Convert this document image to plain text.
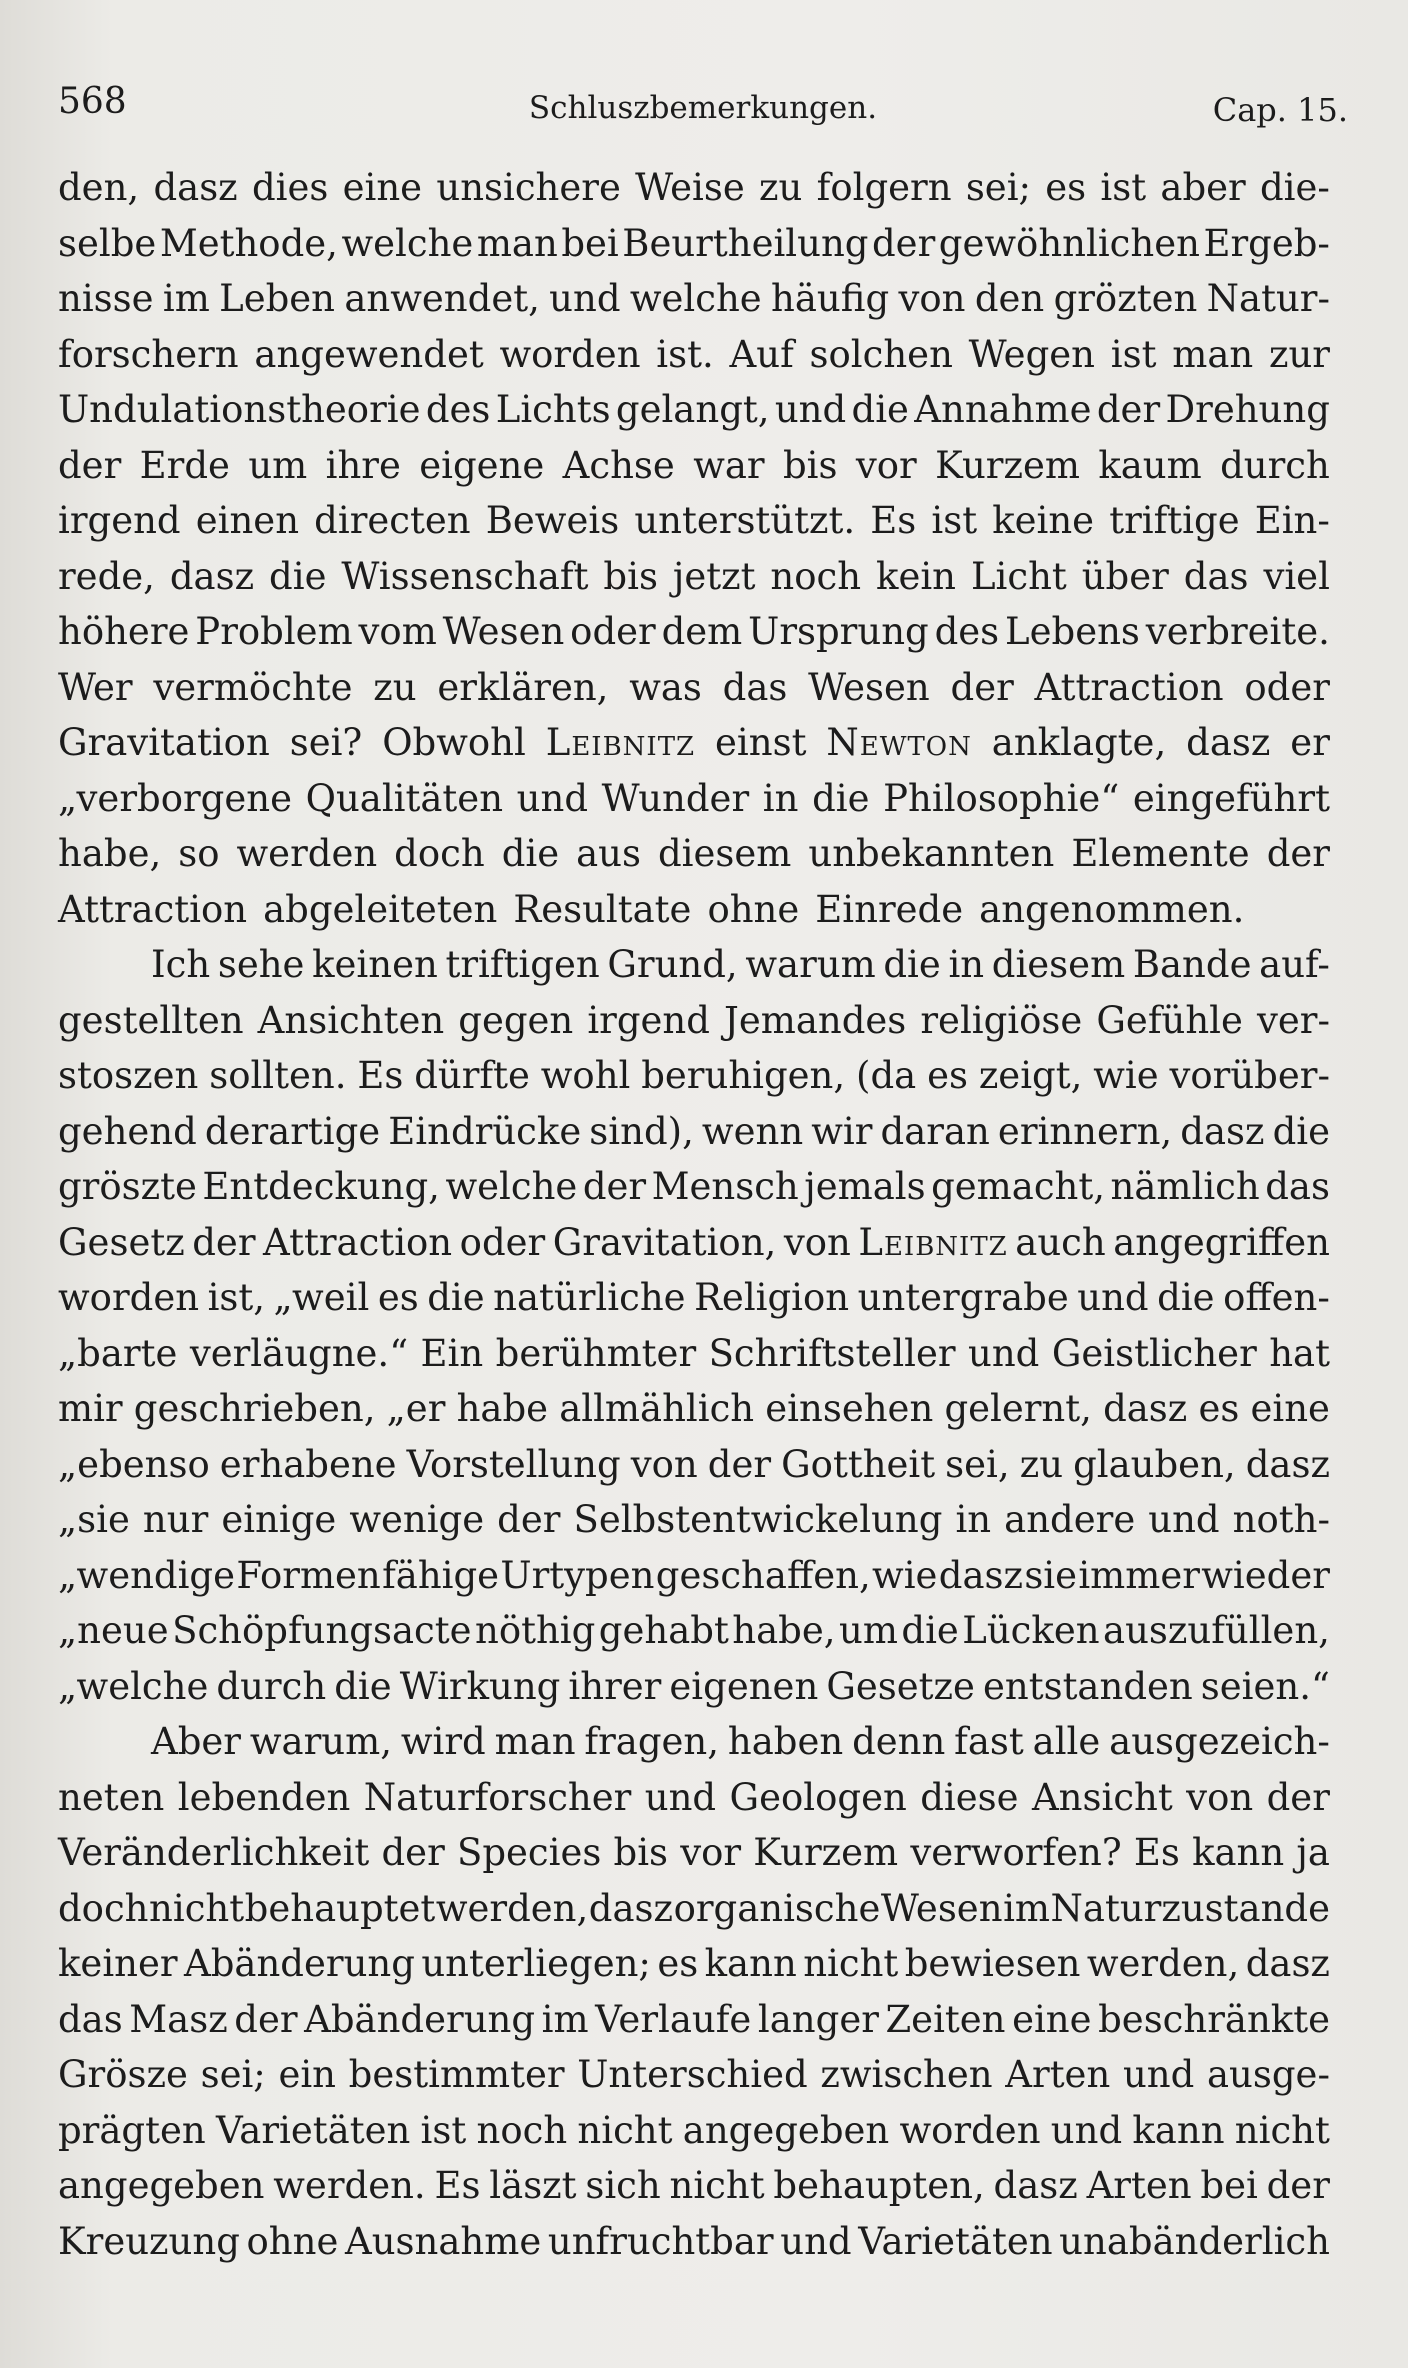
568	Schluszbemerkungen.	Cap. 15.
den, dasz dies eine unsichere Weise zu folgern sei; es ist aber die-
selbe Methode, welche man bei Beurtheilung der gewöhnlichen Ergeb-
nisse im Leben anwendet, und welche häufig von den grözten Natur-
forschern angewendet worden ist. Auf solchen Wegen ist man zur
Undulationstheorie des Lichts gelangt, und die Annahme der Drehung
der Erde um ihre eigene Achse war bis vor Kurzem kaum durch
irgend einen directen Beweis unterstützt. Es ist keine triftige Ein-
rede, dasz die Wissenschaft bis jetzt noch kein Licht über das viel
höhere Problem vom Wesen oder dem Ursprung des Lebens verbreite.
Wer vermöchte zu erklären, was das Wesen der Attraction oder
Gravitation sei? Obwohl Leibnitz einst Newton anklagte, dasz er
„verborgene Qualitäten und Wunder in die Philosophie“ eingeführt
habe, so werden doch die aus diesem unbekannten Elemente der
Attraction abgeleiteten Resultate ohne Einrede angenommen.
Ich sehe keinen triftigen Grund, warum die in diesem Bande auf-
gestellten Ansichten gegen irgend Jemandes religiöse Gefühle ver-
stoszen sollten. Es dürfte wohl beruhigen, (da es zeigt, wie vorüber-
gehend derartige Eindrücke sind), wenn wir daran erinnern, dasz die
gröszte Entdeckung, welche der Mensch jemals gemacht, nämlich das
Gesetz der Attraction oder Gravitation, von Leibnitz auch angegriffen
worden ist, „weil es die natürliche Religion untergrabe und die offen-
„barte verläugne.“ Ein berühmter Schriftsteller und Geistlicher hat
mir geschrieben, „er habe allmählich einsehen gelernt, dasz es eine
„ebenso erhabene Vorstellung von der Gottheit sei, zu glauben, dasz
„sie nur einige wenige der Selbstentwickelung in andere und noth-
„wendige Formen fähige Urtypen geschaffen, wie dasz sie immer wieder
„neue Schöpfungsacte nöthig gehabt habe, um die Lücken auszufüllen,
„welche durch die Wirkung ihrer eigenen Gesetze entstanden seien.“
Aber warum, wird man fragen, haben denn fast alle ausgezeich-
neten lebenden Naturforscher und Geologen diese Ansicht von der
Veränderlichkeit der Species bis vor Kurzem verworfen? Es kann ja
doch nicht behauptet werden, dasz organische Wesen im Naturzustande
keiner Abänderung unterliegen; es kann nicht bewiesen werden, dasz
das Masz der Abänderung im Verlaufe langer Zeiten eine beschränkte
Grösze sei; ein bestimmter Unterschied zwischen Arten und ausge-
prägten Varietäten ist noch nicht angegeben worden und kann nicht
angegeben werden. Es läszt sich nicht behaupten, dasz Arten bei der
Kreuzung ohne Ausnahme unfruchtbar und Varietäten unabänderlich
